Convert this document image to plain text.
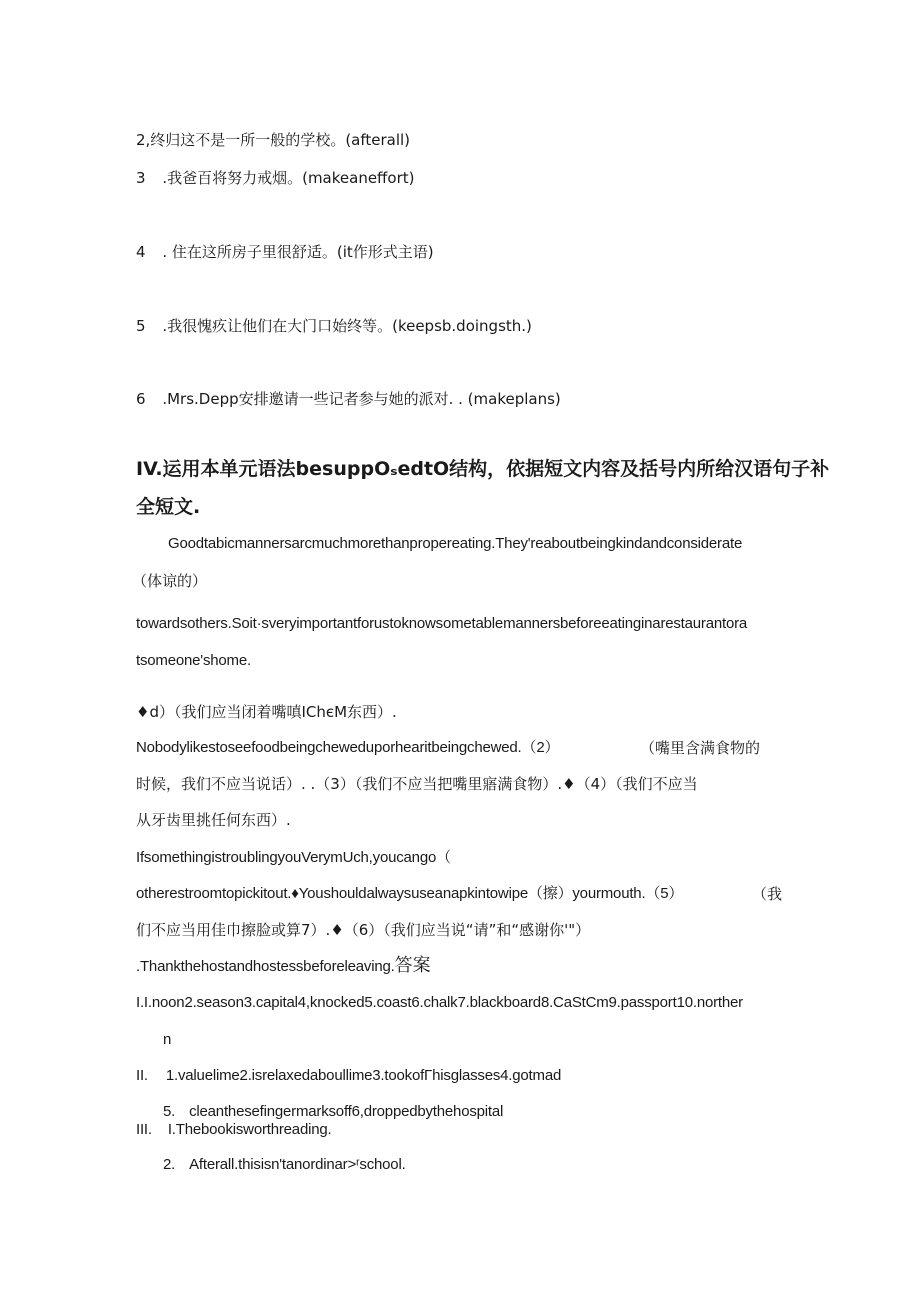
2,终归这不是一所一般的学校。(afterall)
3 .我爸百将努力戒烟。(makeaneffort)
4 . 住在这所房子里很舒适。(it作形式主语)
5 .我很愧疚让他们在大门口始终等。(keepsb.doingsth.)
6 .Mrs.Depp安排邀请一些记者参与她的派对. . (makeplans)
IV.运用本单元语法besuppOₛedtO结构，依据短文内容及括号内所给汉语句子补
全短文.
Goodtabicmannersarcmuchmorethanpropereating.They'reaboutbeingkindandconsiderate
（体谅的）
towardsothers.Soit·sveryimportantforustoknowsometablemannersbeforeeatinginarestaurantora
tsomeone'shome.
♦d）（我们应当闭着嘴嗔IChєM东西）.
Nobodylikestoseefoodbeingchewedupor​hearitbeingchewed.（2）	（嘴里含满食物的
时候，我们不应当说话）. .（3）（我们不应当把嘴里寤满食物）.♦（4）（我们不应当
从牙齿里挑任何东西）.
IfsomethingistroublingyouVerymUch,youcango（
otherestroomtopickitout.♦Youshouldalwaysuseanapkintowipe（擦）yourmouth.（5）	（我
们不应当用佳巾擦脸或算7）.♦（6）（我们应当说“请”和“感谢你'"）
.Thankthehostandhostessbeforeleaving.答案
I.I.noon2.season3.capital4,knocked5.coast6.chalk7.blackboard8.CaStCm9.passport10.norther
n
II. 1.valuelime2.isrelaxedaboullime3.tookofΓhisglasses4.gotmad
5. cleanthesefingermarksoff6,droppedbythehospital
III. I.Thebookisworthreading.
2. Afterall.thisisn'tanordinar>ʳschool.
